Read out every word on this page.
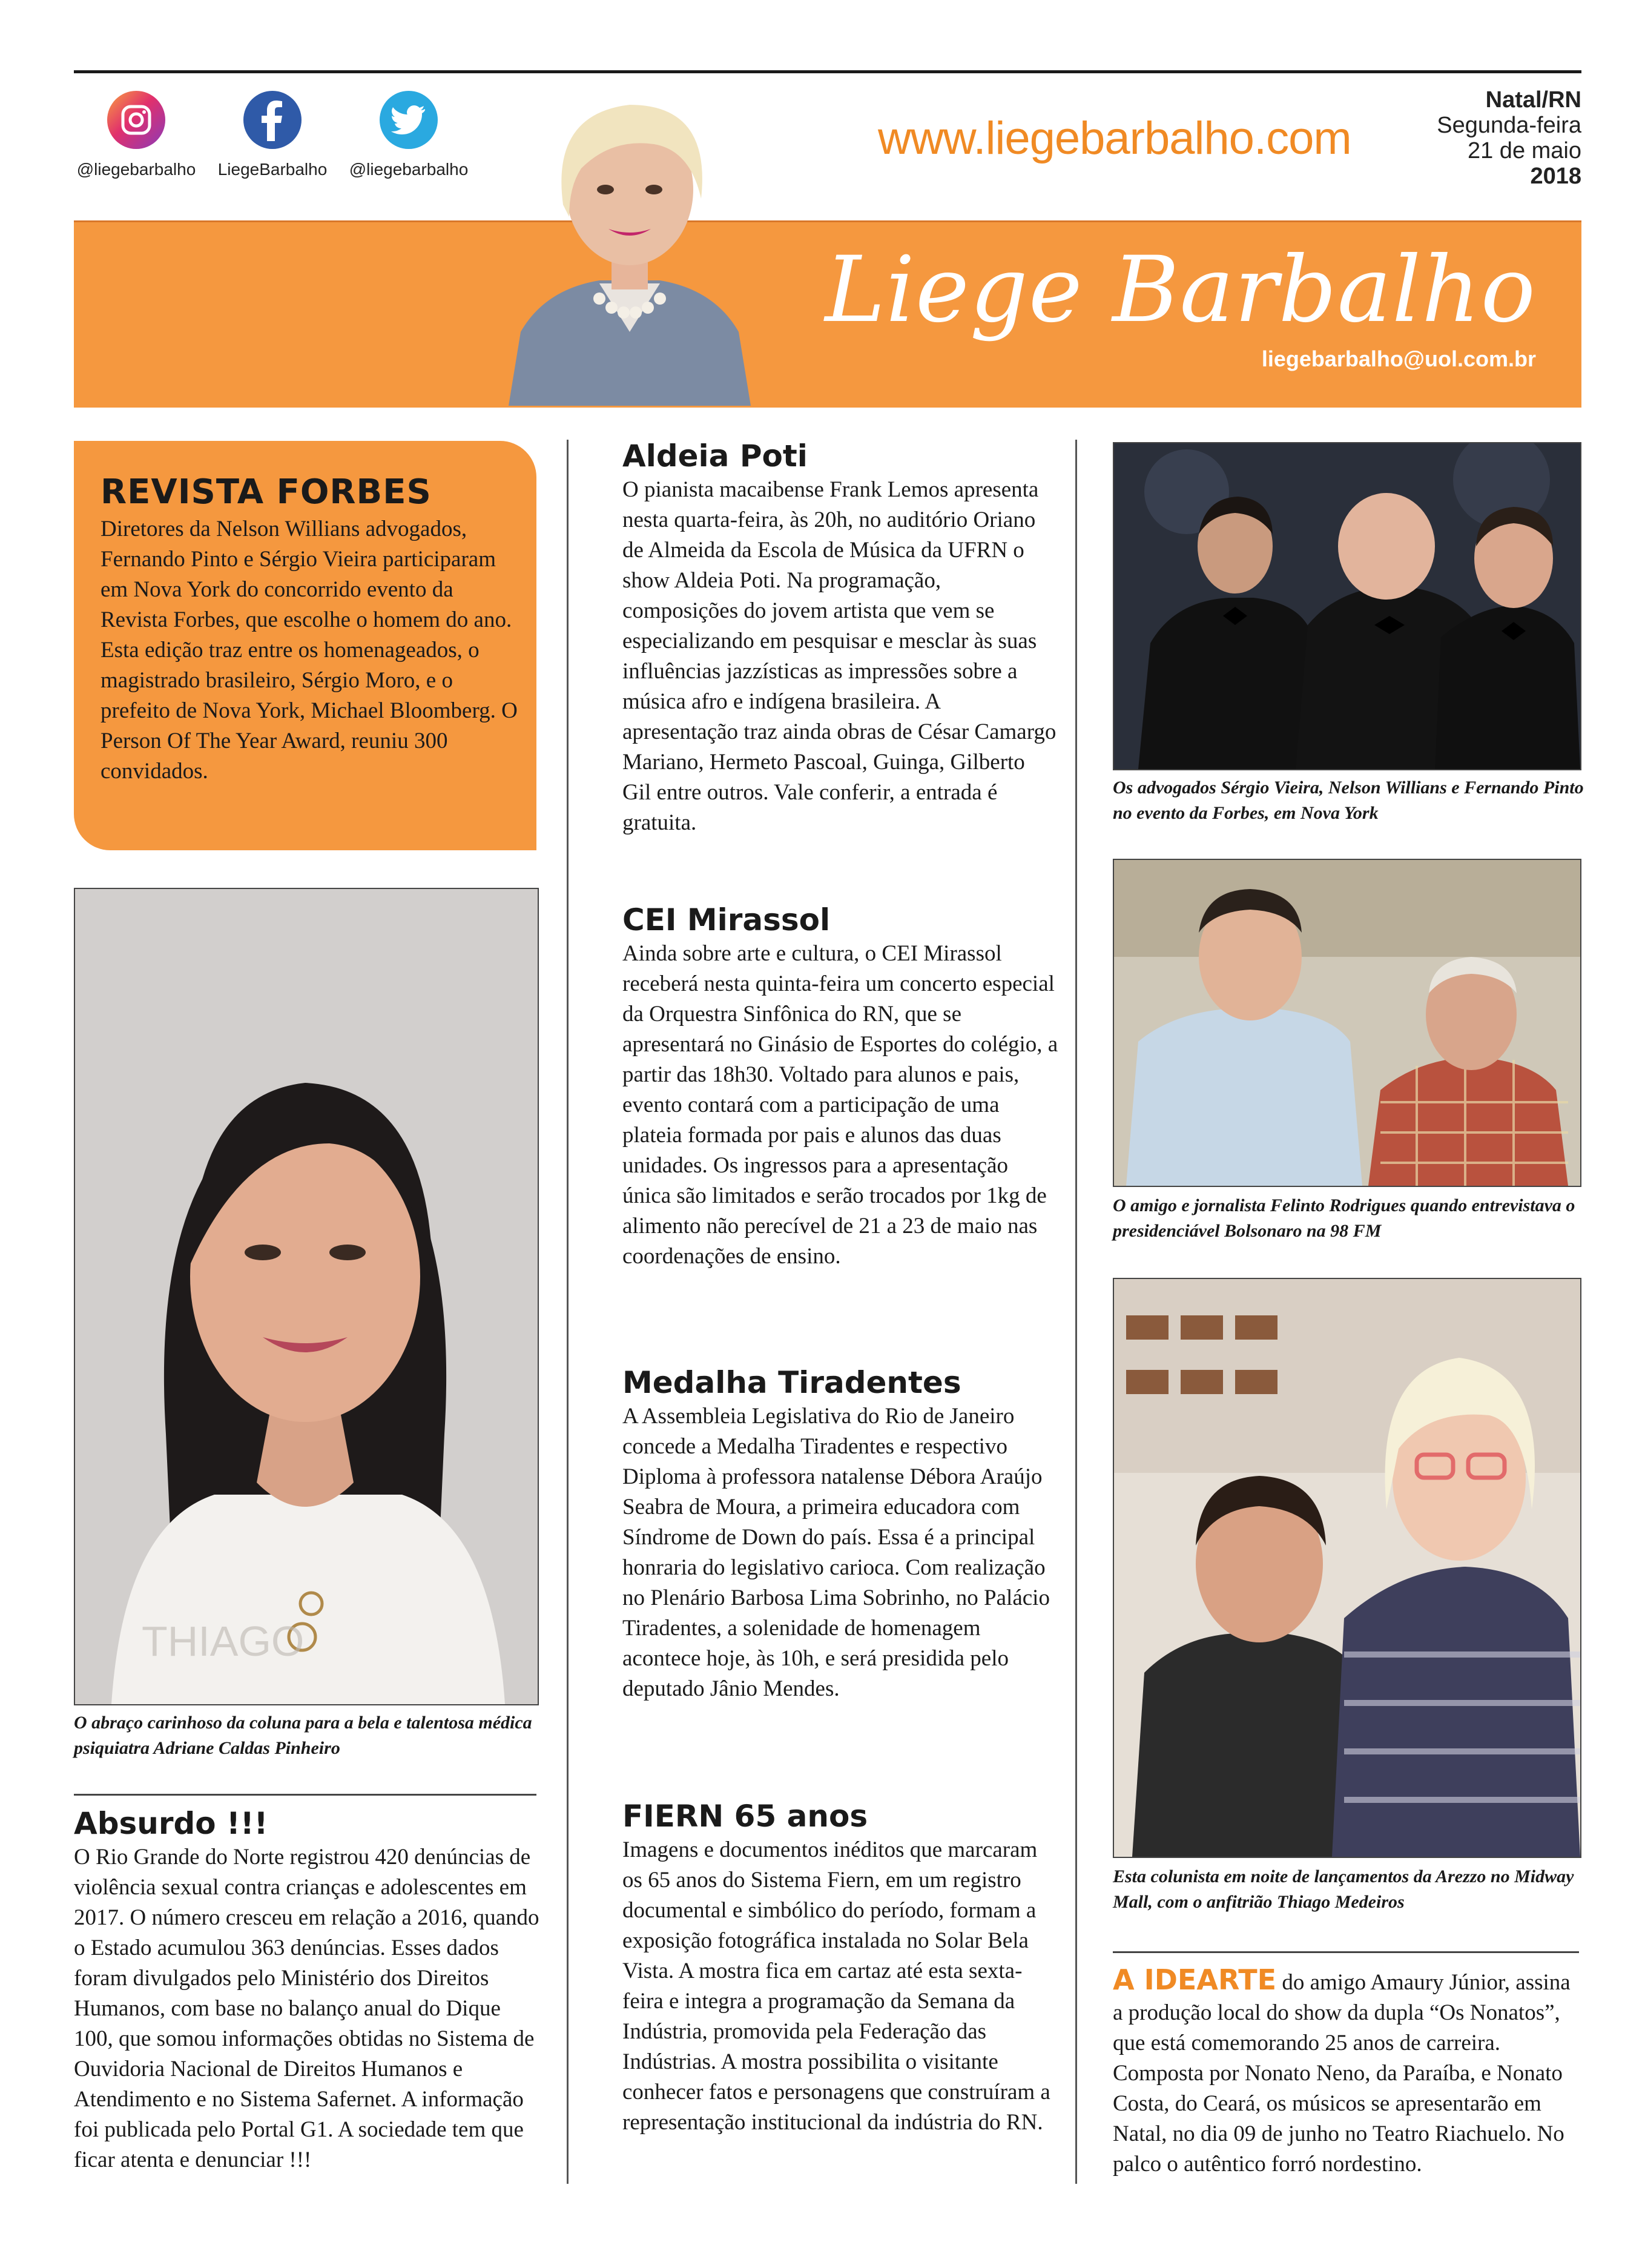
@liegebarbalho	LiegeBarbalho	@liegebarbalho
www.liegebarbalho.com
Natal/RN
Segunda-feira
21 de maio
2018
Liege Barbalho
liegebarbalho@uol.com.br
REVISTA FORBES
Diretores da Nelson Willians advogados, Fernando Pinto e Sérgio Vieira participaram em Nova York do concorrido evento da Revista Forbes, que escolhe o homem do ano. Esta edição traz entre os homenageados, o magistrado brasileiro, Sérgio Moro, e o prefeito de Nova York, Michael Bloomberg. O Person Of The Year Award, reuniu 300 convidados.
THIAGO
O abraço carinhoso da coluna para a bela e talentosa médica psiquiatra Adriane Caldas Pinheiro
Absurdo !!!
O Rio Grande do Norte registrou 420 denúncias de violência sexual contra crianças e adolescentes em 2017. O número cresceu em relação a 2016, quando o Estado acumulou 363 denúncias. Esses dados foram divulgados pelo Ministério dos Direitos Humanos, com base no balanço anual do Dique 100, que somou informações obtidas no Sistema de Ouvidoria Nacional de Direitos Humanos e Atendimento e no Sistema Safernet. A informação foi publicada pelo Portal G1. A sociedade tem que ficar atenta e denunciar !!!
Aldeia Poti
O pianista macaibense Frank Lemos apresenta nesta quarta-feira, às 20h, no auditório Oriano de Almeida da Escola de Música da UFRN o show Aldeia Poti. Na programação, composições do jovem artista que vem se especializando em pesquisar e mesclar às suas influências jazzísticas as impressões sobre a música afro e indígena brasileira. A apresentação traz ainda obras de César Camargo Mariano, Hermeto Pascoal, Guinga, Gilberto Gil entre outros. Vale conferir, a entrada é gratuita.
CEI Mirassol
Ainda sobre arte e cultura, o CEI Mirassol receberá nesta quinta-feira um concerto especial da Orquestra Sinfônica do RN, que se apresentará no Ginásio de Esportes do colégio, a partir das 18h30. Voltado para alunos e pais, evento contará com a participação de uma plateia formada por pais e alunos das duas unidades. Os ingressos para a apresentação única são limitados e serão trocados por 1kg de alimento não perecível de 21 a 23 de maio nas coordenações de ensino.
Medalha Tiradentes
A Assembleia Legislativa do Rio de Janeiro concede a Medalha Tiradentes e respectivo Diploma à professora natalense Débora Araújo Seabra de Moura, a primeira educadora com Síndrome de Down do país. Essa é a principal honraria do legislativo carioca. Com realização no Plenário Barbosa Lima Sobrinho, no Palácio Tiradentes, a solenidade de homenagem acontece hoje, às 10h, e será presidida pelo deputado Jânio Mendes.
FIERN 65 anos
Imagens e documentos inéditos que marcaram os 65 anos do Sistema Fiern, em um registro documental e simbólico do período, formam a exposição fotográfica instalada no Solar Bela Vista. A mostra fica em cartaz até esta sexta-feira e integra a programação da Semana da Indústria, promovida pela Federação das Indústrias. A mostra possibilita o visitante conhecer fatos e personagens que construíram a representação institucional da indústria do RN.
Os advogados Sérgio Vieira, Nelson Willians e Fernando Pinto no evento da Forbes, em Nova York
O amigo e jornalista Felinto Rodrigues quando entrevistava o presidenciável Bolsonaro na 98 FM
Esta colunista em noite de lançamentos da Arezzo no Midway Mall, com o anfitrião Thiago Medeiros
A IDEARTE do amigo Amaury Júnior, assina a produção local do show da dupla “Os Nonatos”, que está comemorando 25 anos de carreira. Composta por Nonato Neno, da Paraíba, e Nonato Costa, do Ceará, os músicos se apresentarão em Natal, no dia 09 de junho no Teatro Riachuelo. No palco o autêntico forró nordestino.
